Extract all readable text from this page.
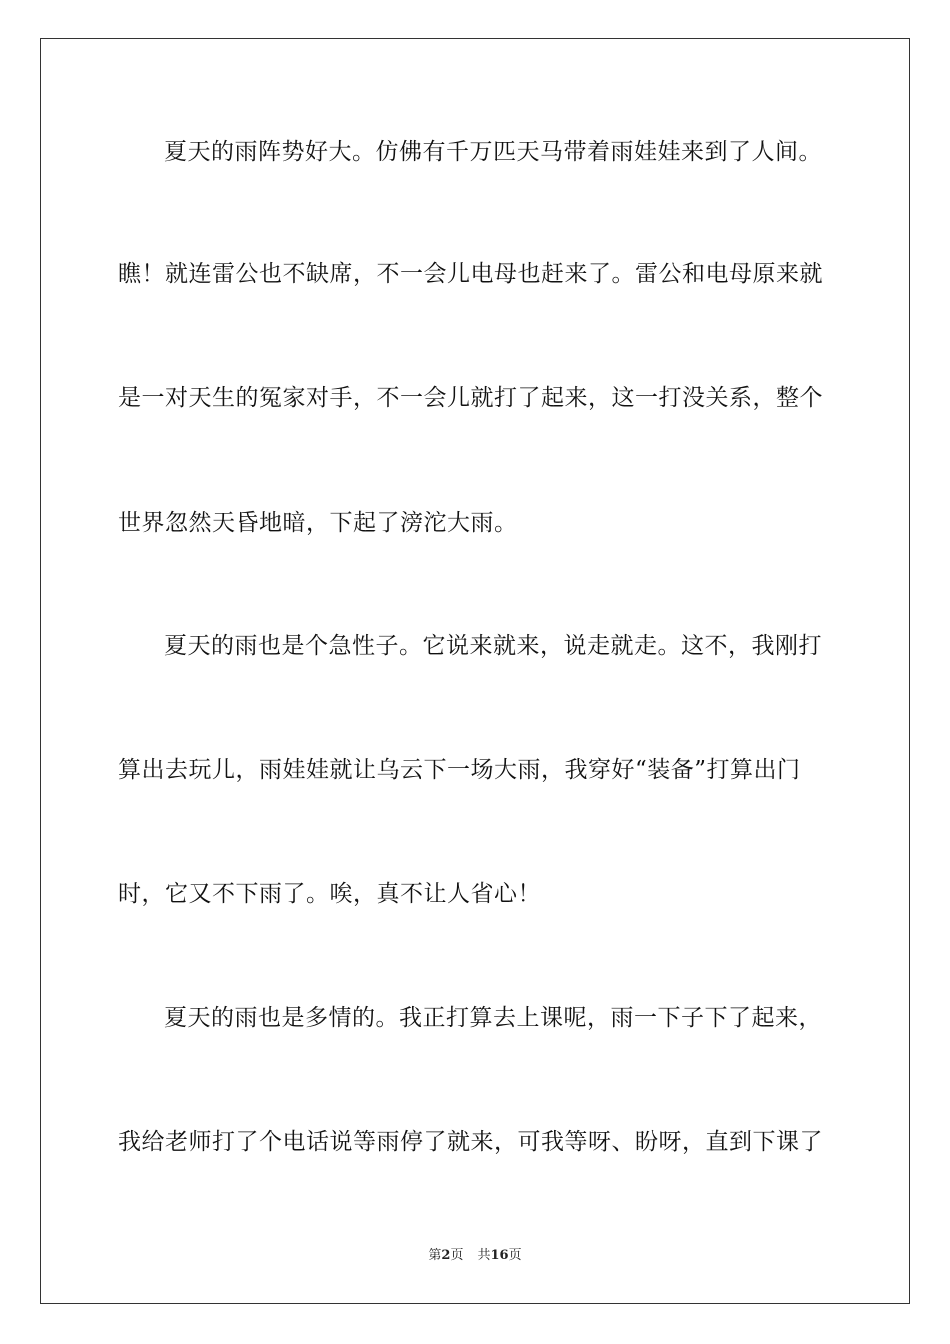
夏天的雨阵势好大。仿佛有千万匹天马带着雨娃娃来到了人间。
瞧！就连雷公也不缺席，不一会儿电母也赶来了。雷公和电母原来就
是一对天生的冤家对手，不一会儿就打了起来，这一打没关系，整个
世界忽然天昏地暗，下起了滂沱大雨。
夏天的雨也是个急性子。它说来就来，说走就走。这不，我刚打
算出去玩儿，雨娃娃就让乌云下一场大雨，我穿好“装备”打算出门
时，它又不下雨了。唉，真不让人省心！
夏天的雨也是多情的。我正打算去上课呢，雨一下子下了起来，
我给老师打了个电话说等雨停了就来，可我等呀、盼呀，直到下课了
第2页 共16页
